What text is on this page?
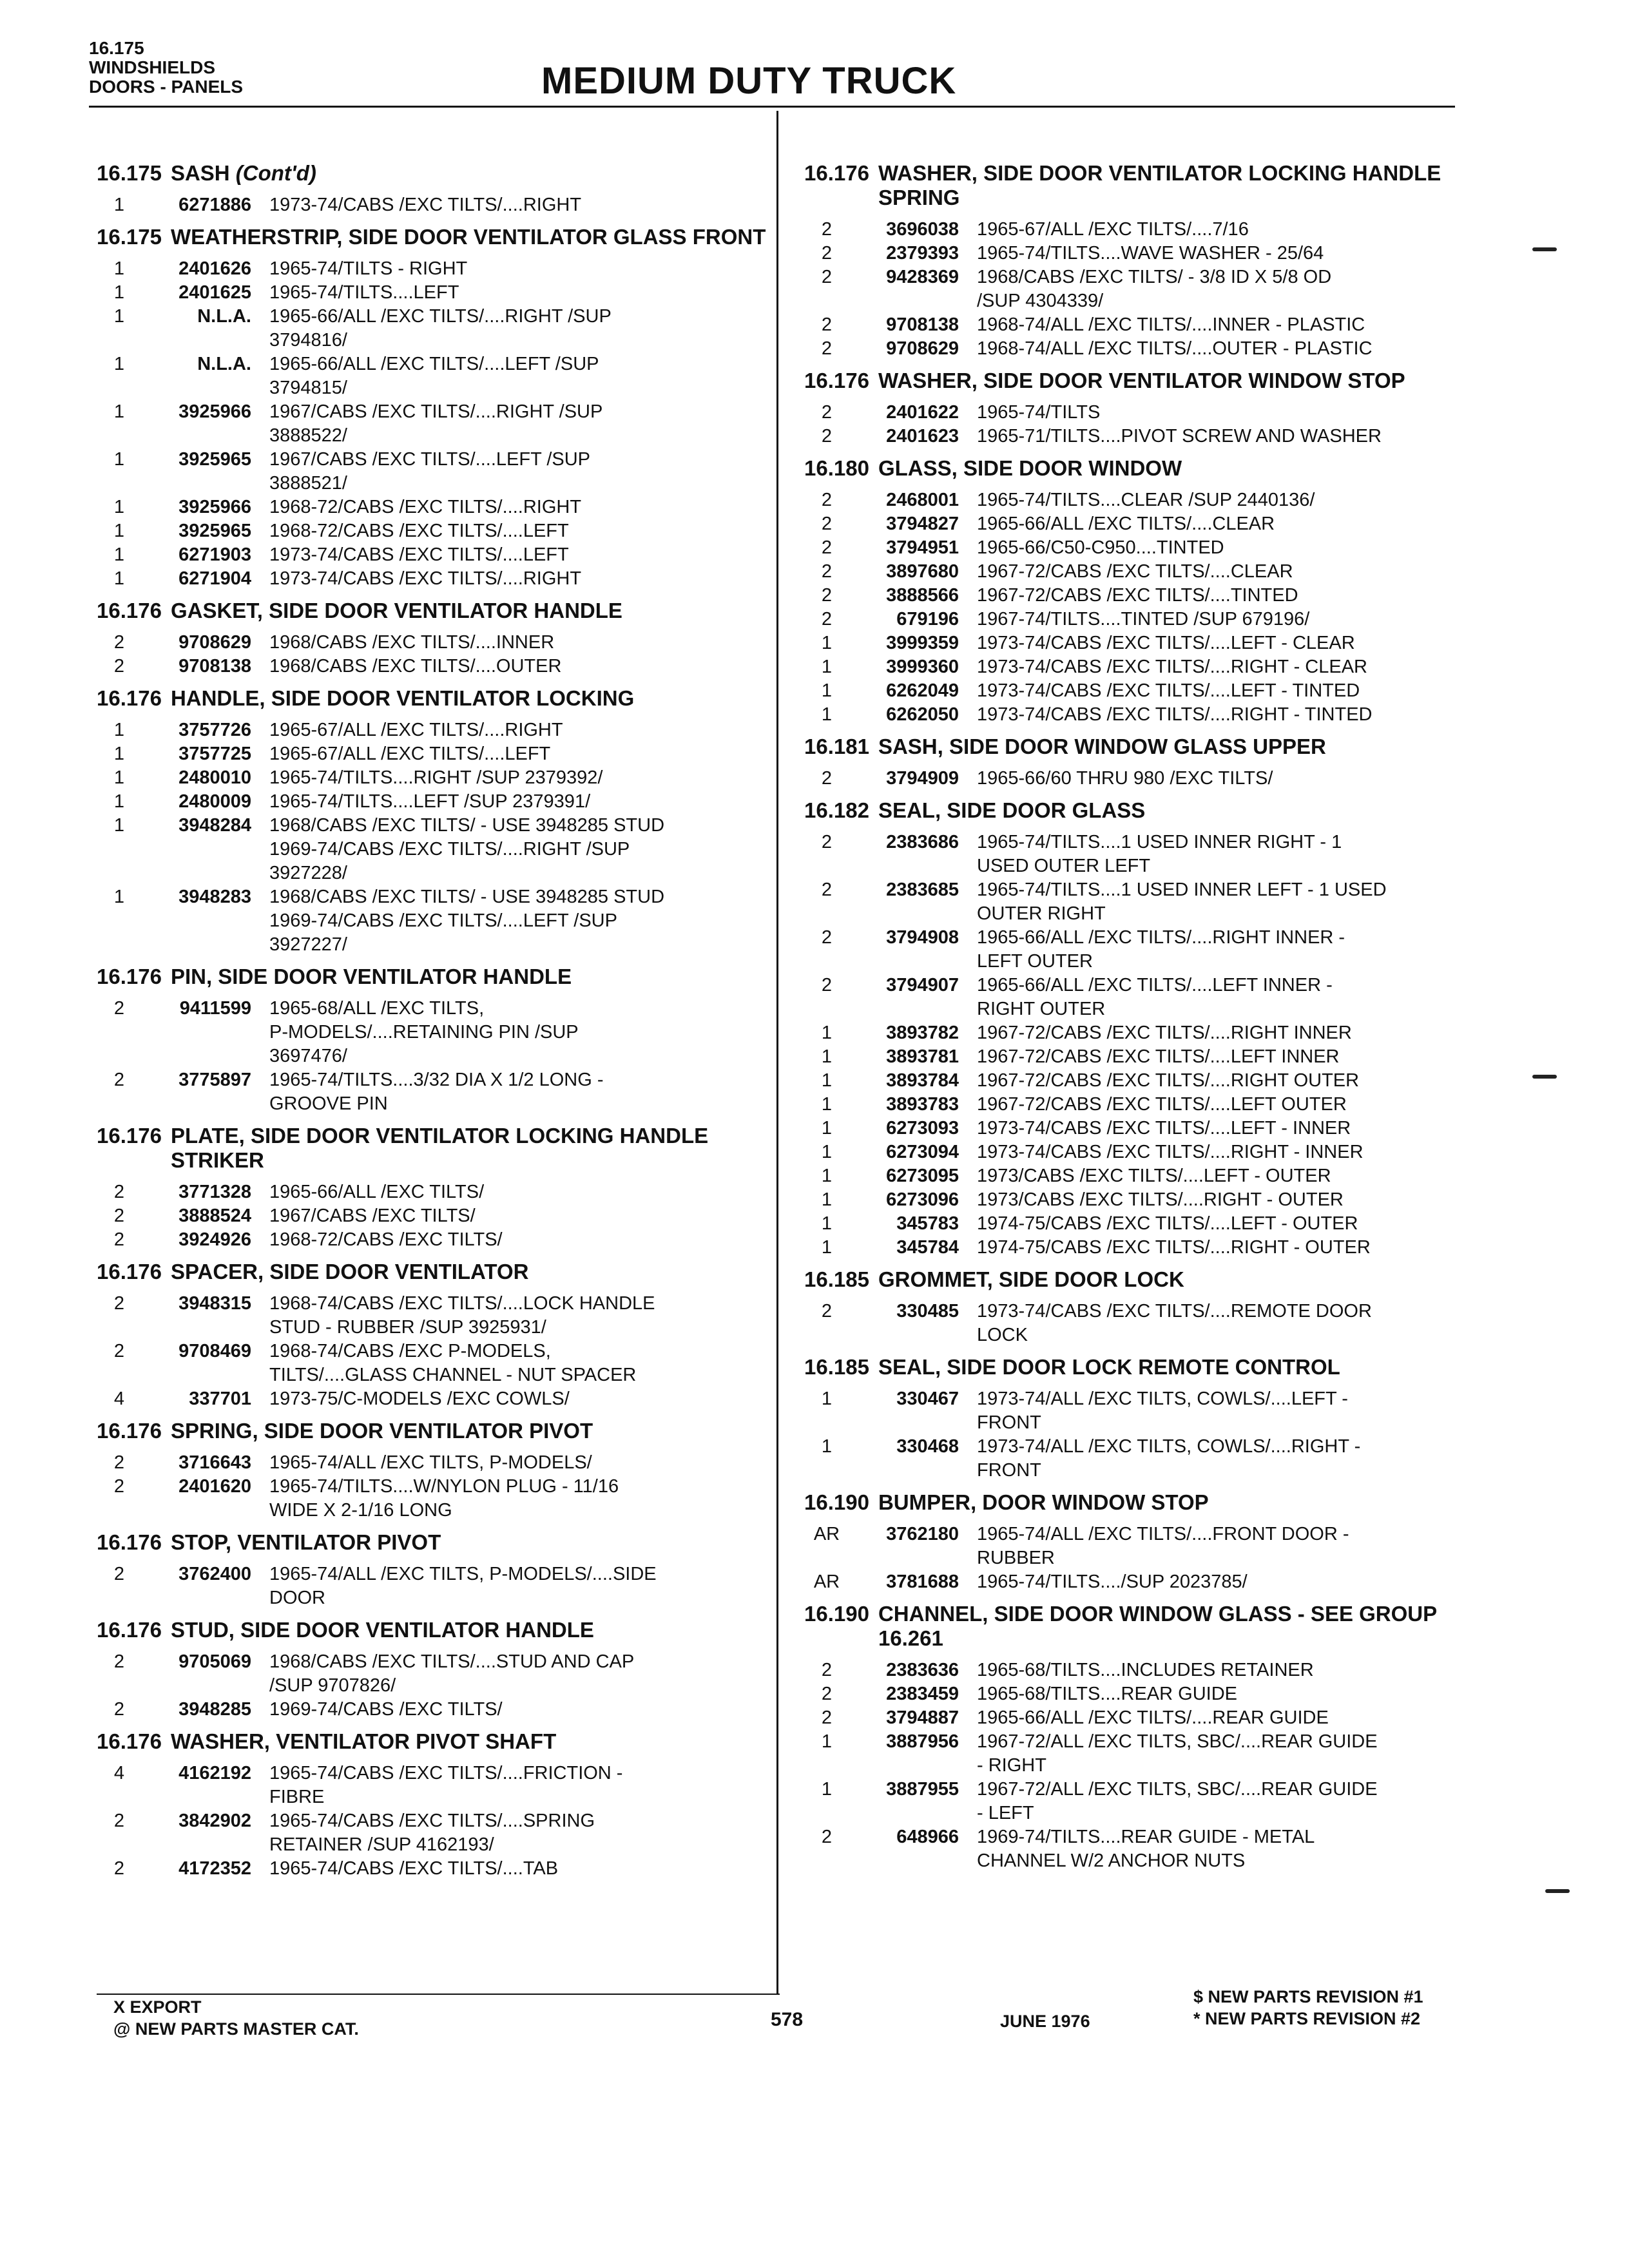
16.175
WINDSHIELDS
DOORS - PANELS	MEDIUM DUTY TRUCK
16.175 SASH (Cont'd)
1	6271886 1973-74/CABS /EXC TILTS/....RIGHT
16.175 WEATHERSTRIP, SIDE DOOR VENTILATOR GLASS FRONT
1	2401626 1965-74/TILTS - RIGHT
1	2401625 1965-74/TILTS....LEFT
1	N.L.A. 1965-66/ALL /EXC TILTS/....RIGHT /SUP
3794816/
1	N.L.A. 1965-66/ALL /EXC TILTS/....LEFT /SUP
3794815/
1	3925966 1967/CABS /EXC TILTS/....RIGHT /SUP
3888522/
1	3925965 1967/CABS /EXC TILTS/....LEFT /SUP
3888521/
1	3925966 1968-72/CABS /EXC TILTS/....RIGHT
1	3925965 1968-72/CABS /EXC TILTS/....LEFT
1	6271903 1973-74/CABS /EXC TILTS/....LEFT
1	6271904 1973-74/CABS /EXC TILTS/....RIGHT
16.176 GASKET, SIDE DOOR VENTILATOR HANDLE
2	9708629 1968/CABS /EXC TILTS/....INNER
2	9708138 1968/CABS /EXC TILTS/....OUTER
16.176 HANDLE, SIDE DOOR VENTILATOR LOCKING
1	3757726 1965-67/ALL /EXC TILTS/....RIGHT
1	3757725 1965-67/ALL /EXC TILTS/....LEFT
1	2480010 1965-74/TILTS....RIGHT /SUP 2379392/
1	2480009 1965-74/TILTS....LEFT /SUP 2379391/
1	3948284 1968/CABS /EXC TILTS/ - USE 3948285 STUD
1969-74/CABS /EXC TILTS/....RIGHT /SUP
3927228/
1	3948283 1968/CABS /EXC TILTS/ - USE 3948285 STUD
1969-74/CABS /EXC TILTS/....LEFT /SUP
3927227/
16.176 PIN, SIDE DOOR VENTILATOR HANDLE
2	9411599 1965-68/ALL /EXC TILTS,
P-MODELS/....RETAINING PIN /SUP
3697476/
2	3775897 1965-74/TILTS....3/32 DIA X 1/2 LONG -
GROOVE PIN
16.176 PLATE, SIDE DOOR VENTILATOR LOCKING HANDLE STRIKER
2	3771328 1965-66/ALL /EXC TILTS/
2	3888524 1967/CABS /EXC TILTS/
2	3924926 1968-72/CABS /EXC TILTS/
16.176 SPACER, SIDE DOOR VENTILATOR
2	3948315 1968-74/CABS /EXC TILTS/....LOCK HANDLE
STUD - RUBBER /SUP 3925931/
2	9708469 1968-74/CABS /EXC P-MODELS,
TILTS/....GLASS CHANNEL - NUT SPACER
4	337701 1973-75/C-MODELS /EXC COWLS/
16.176 SPRING, SIDE DOOR VENTILATOR PIVOT
2	3716643 1965-74/ALL /EXC TILTS, P-MODELS/
2	2401620 1965-74/TILTS....W/NYLON PLUG - 11/16
WIDE X 2-1/16 LONG
16.176 STOP, VENTILATOR PIVOT
2	3762400 1965-74/ALL /EXC TILTS, P-MODELS/....SIDE
DOOR
16.176 STUD, SIDE DOOR VENTILATOR HANDLE
2	9705069 1968/CABS /EXC TILTS/....STUD AND CAP
/SUP 9707826/
2	3948285 1969-74/CABS /EXC TILTS/
16.176 WASHER, VENTILATOR PIVOT SHAFT
4	4162192 1965-74/CABS /EXC TILTS/....FRICTION -
FIBRE
2	3842902 1965-74/CABS /EXC TILTS/....SPRING
RETAINER /SUP 4162193/
2	4172352 1965-74/CABS /EXC TILTS/....TAB
16.176 WASHER, SIDE DOOR VENTILATOR LOCKING HANDLE SPRING
2	3696038 1965-67/ALL /EXC TILTS/....7/16
2	2379393 1965-74/TILTS....WAVE WASHER - 25/64
2	9428369 1968/CABS /EXC TILTS/ - 3/8 ID X 5/8 OD
/SUP 4304339/
2	9708138 1968-74/ALL /EXC TILTS/....INNER - PLASTIC
2	9708629 1968-74/ALL /EXC TILTS/....OUTER - PLASTIC
16.176 WASHER, SIDE DOOR VENTILATOR WINDOW STOP
2	2401622 1965-74/TILTS
2	2401623 1965-71/TILTS....PIVOT SCREW AND WASHER
16.180 GLASS, SIDE DOOR WINDOW
2	2468001 1965-74/TILTS....CLEAR /SUP 2440136/
2	3794827 1965-66/ALL /EXC TILTS/....CLEAR
2	3794951 1965-66/C50-C950....TINTED
2	3897680 1967-72/CABS /EXC TILTS/....CLEAR
2	3888566 1967-72/CABS /EXC TILTS/....TINTED
2	679196 1967-74/TILTS....TINTED /SUP 679196/
1	3999359 1973-74/CABS /EXC TILTS/....LEFT - CLEAR
1	3999360 1973-74/CABS /EXC TILTS/....RIGHT - CLEAR
1	6262049 1973-74/CABS /EXC TILTS/....LEFT - TINTED
1	6262050 1973-74/CABS /EXC TILTS/....RIGHT - TINTED
16.181 SASH, SIDE DOOR WINDOW GLASS UPPER
2	3794909 1965-66/60 THRU 980 /EXC TILTS/
16.182 SEAL, SIDE DOOR GLASS
2	2383686 1965-74/TILTS....1 USED INNER RIGHT - 1
USED OUTER LEFT
2	2383685 1965-74/TILTS....1 USED INNER LEFT - 1 USED
OUTER RIGHT
2	3794908 1965-66/ALL /EXC TILTS/....RIGHT INNER -
LEFT OUTER
2	3794907 1965-66/ALL /EXC TILTS/....LEFT INNER -
RIGHT OUTER
1	3893782 1967-72/CABS /EXC TILTS/....RIGHT INNER
1	3893781 1967-72/CABS /EXC TILTS/....LEFT INNER
1	3893784 1967-72/CABS /EXC TILTS/....RIGHT OUTER
1	3893783 1967-72/CABS /EXC TILTS/....LEFT OUTER
1	6273093 1973-74/CABS /EXC TILTS/....LEFT - INNER
1	6273094 1973-74/CABS /EXC TILTS/....RIGHT - INNER
1	6273095 1973/CABS /EXC TILTS/....LEFT - OUTER
1	6273096 1973/CABS /EXC TILTS/....RIGHT - OUTER
1	345783 1974-75/CABS /EXC TILTS/....LEFT - OUTER
1	345784 1974-75/CABS /EXC TILTS/....RIGHT - OUTER
16.185 GROMMET, SIDE DOOR LOCK
2	330485 1973-74/CABS /EXC TILTS/....REMOTE DOOR
LOCK
16.185 SEAL, SIDE DOOR LOCK REMOTE CONTROL
1	330467 1973-74/ALL /EXC TILTS, COWLS/....LEFT -
FRONT
1	330468 1973-74/ALL /EXC TILTS, COWLS/....RIGHT -
FRONT
16.190 BUMPER, DOOR WINDOW STOP
AR	3762180 1965-74/ALL /EXC TILTS/....FRONT DOOR -
RUBBER
AR	3781688 1965-74/TILTS..../SUP 2023785/
16.190 CHANNEL, SIDE DOOR WINDOW GLASS - SEE GROUP 16.261
2	2383636 1965-68/TILTS....INCLUDES RETAINER
2	2383459 1965-68/TILTS....REAR GUIDE
2	3794887 1965-66/ALL /EXC TILTS/....REAR GUIDE
1	3887956 1967-72/ALL /EXC TILTS, SBC/....REAR GUIDE
- RIGHT
1	3887955 1967-72/ALL /EXC TILTS, SBC/....REAR GUIDE
- LEFT
2	648966 1969-74/TILTS....REAR GUIDE - METAL
CHANNEL W/2 ANCHOR NUTS
X EXPORT
@ NEW PARTS MASTER CAT.	578	JUNE 1976
$ NEW PARTS REVISION #1
* NEW PARTS REVISION #2
